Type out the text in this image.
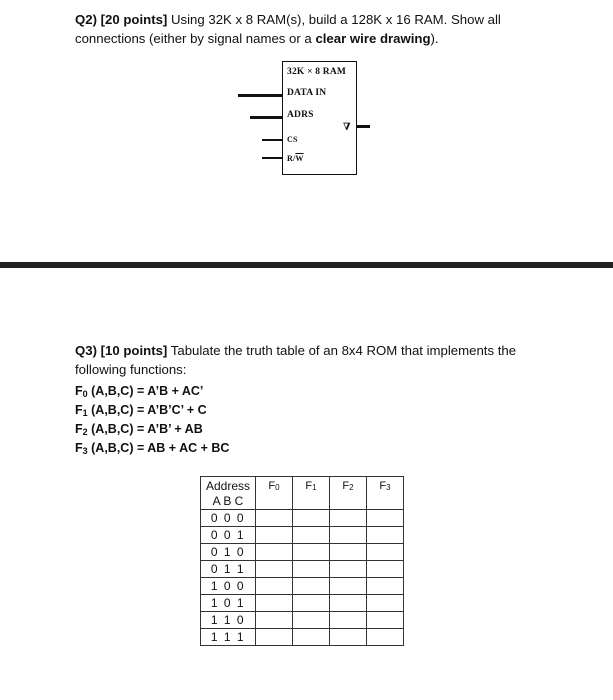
Q2) [20 points] Using 32K x 8 RAM(s), build a 128K x 16 RAM. Show all
connections (either by signal names or a clear wire drawing).
32K × 8 RAM
DATA IN
ADRS
CS
$R/\overline{W}$
∇
Q3) [10 points] Tabulate the truth table of an 8x4 ROM that implements the
following functions:
$F_0$ (A,B,C) = A’B + AC’
$F_1$ (A,B,C) = A’B’C’ + C
$F_2$ (A,B,C) = A’B’ + AB
$F_3$ (A,B,C) = AB + AC + BC
Address
A B C	$F_0$	$F_1$	$F_2$	$F_3$
0 0 0				
0 0 1				
0 1 0				
0 1 1				
1 0 0				
1 0 1				
1 1 0				
1 1 1				
